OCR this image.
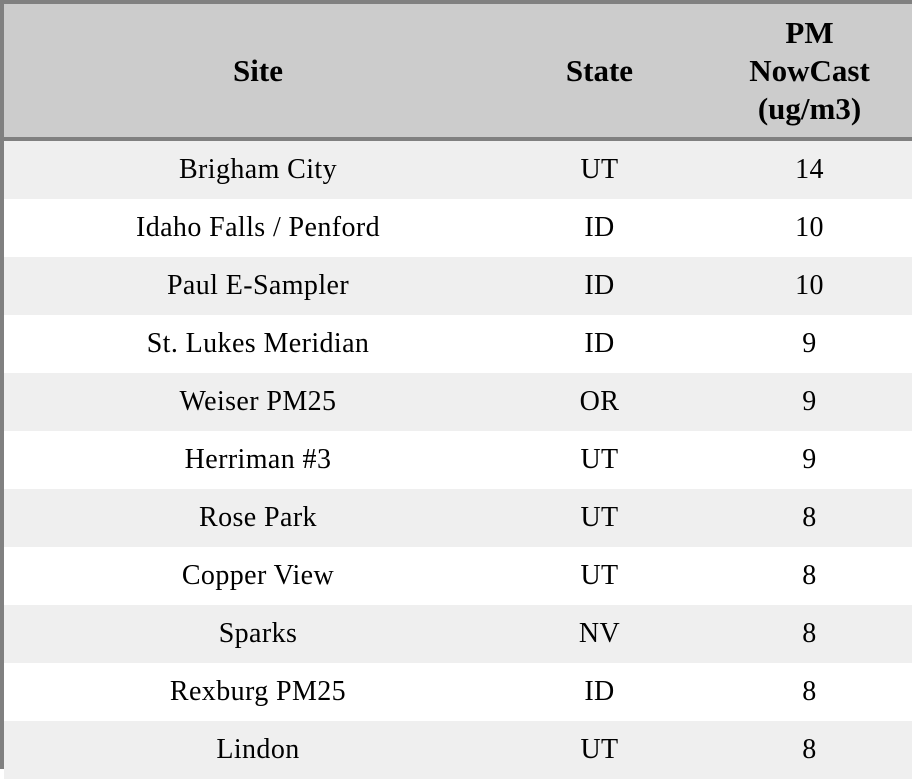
Site	State	PM
NowCast
(ug/m3)

Brigham City	UT	14
Idaho Falls / Penford	ID	10
Paul E-Sampler	ID	10
St. Lukes Meridian	ID	9
Weiser PM25	OR	9
Herriman #3	UT	9
Rose Park	UT	8
Copper View	UT	8
Sparks	NV	8
Rexburg PM25	ID	8
Lindon	UT	8
